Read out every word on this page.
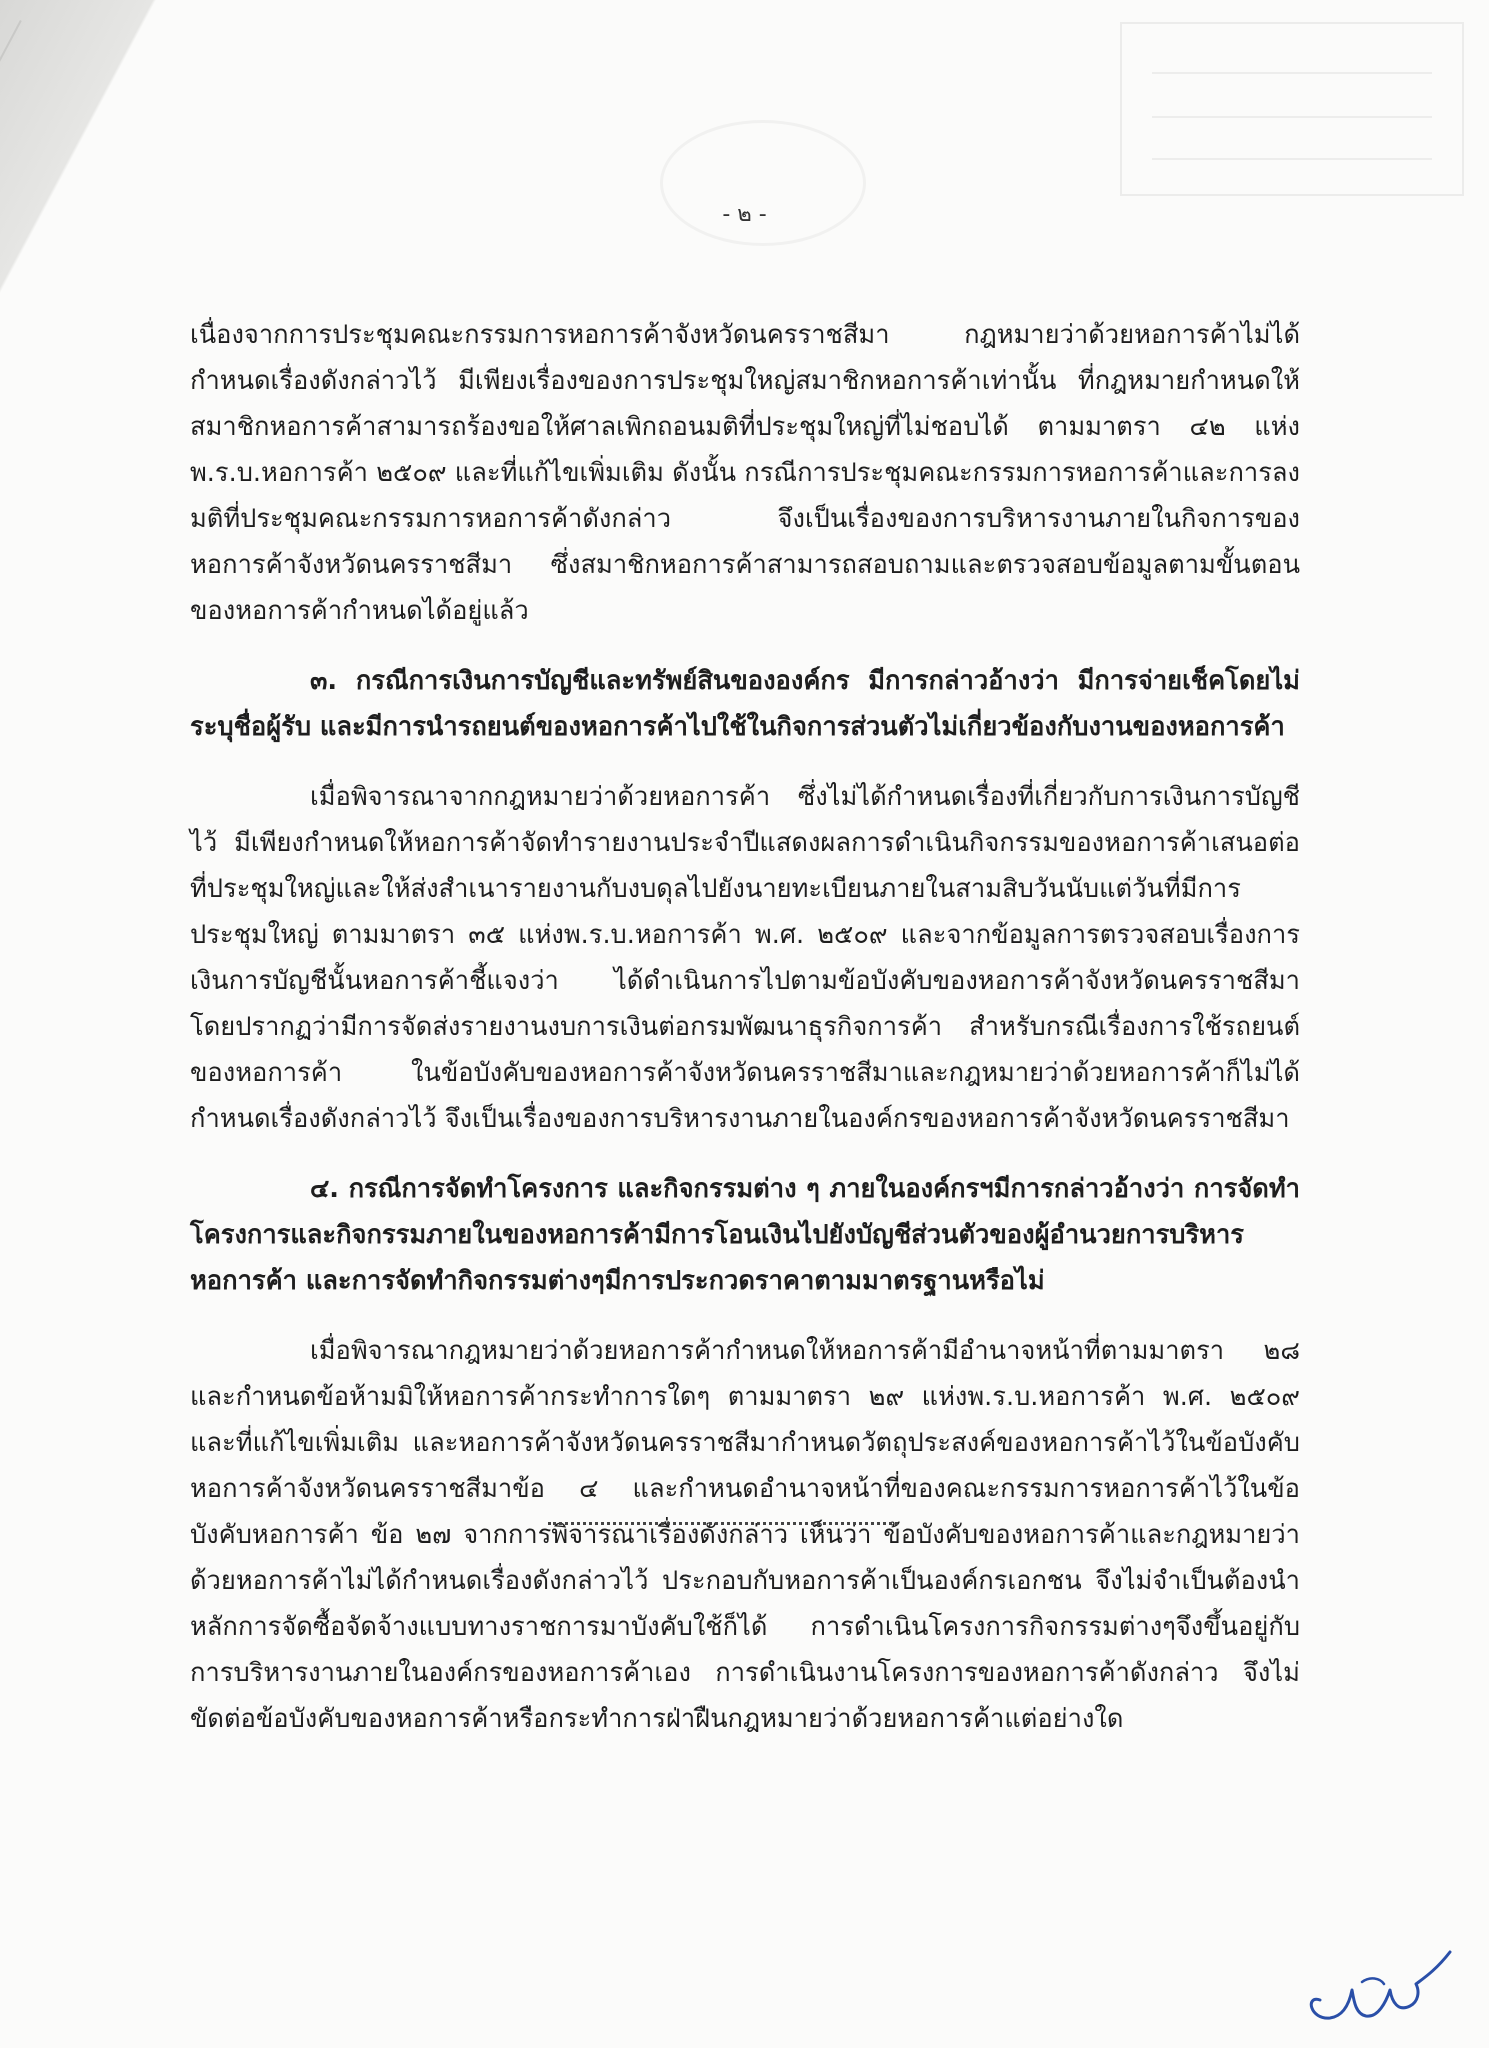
- ๒ -

เนื่องจากการประชุมคณะกรรมการหอการค้าจังหวัดนครราชสีมา กฎหมายว่าด้วยหอการค้าไม่ได้กำหนดเรื่องดังกล่าวไว้ มีเพียงเรื่องของการประชุมใหญ่สมาชิกหอการค้าเท่านั้น ที่กฎหมายกำหนดให้สมาชิกหอการค้าสามารถร้องขอให้ศาลเพิกถอนมติที่ประชุมใหญ่ที่ไม่ชอบได้ ตามมาตรา ๔๒ แห่งพ.ร.บ.หอการค้า ๒๕๐๙ และที่แก้ไขเพิ่มเติม ดังนั้น กรณีการประชุมคณะกรรมการหอการค้าและการลงมติที่ประชุมคณะกรรมการหอการค้าดังกล่าว จึงเป็นเรื่องของการบริหารงานภายในกิจการของหอการค้าจังหวัดนครราชสีมา ซึ่งสมาชิกหอการค้าสามารถสอบถามและตรวจสอบข้อมูลตามขั้นตอนของหอการค้ากำหนดได้อยู่แล้ว

๓. กรณีการเงินการบัญชีและทรัพย์สินขององค์กร มีการกล่าวอ้างว่า มีการจ่ายเช็คโดยไม่ระบุชื่อผู้รับ และมีการนำรถยนต์ของหอการค้าไปใช้ในกิจการส่วนตัวไม่เกี่ยวข้องกับงานของหอการค้า

เมื่อพิจารณาจากกฎหมายว่าด้วยหอการค้า ซึ่งไม่ได้กำหนดเรื่องที่เกี่ยวกับการเงินการบัญชีไว้ มีเพียงกำหนดให้หอการค้าจัดทำรายงานประจำปีแสดงผลการดำเนินกิจกรรมของหอการค้าเสนอต่อที่ประชุมใหญ่และให้ส่งสำเนารายงานกับงบดุลไปยังนายทะเบียนภายในสามสิบวันนับแต่วันที่มีการประชุมใหญ่ ตามมาตรา ๓๕ แห่งพ.ร.บ.หอการค้า พ.ศ. ๒๕๐๙ และจากข้อมูลการตรวจสอบเรื่องการเงินการบัญชีนั้นหอการค้าชี้แจงว่า ได้ดำเนินการไปตามข้อบังคับของหอการค้าจังหวัดนครราชสีมา โดยปรากฏว่ามีการจัดส่งรายงานงบการเงินต่อกรมพัฒนาธุรกิจการค้า สำหรับกรณีเรื่องการใช้รถยนต์ของหอการค้า ในข้อบังคับของหอการค้าจังหวัดนครราชสีมาและกฎหมายว่าด้วยหอการค้าก็ไม่ได้กำหนดเรื่องดังกล่าวไว้ จึงเป็นเรื่องของการบริหารงานภายในองค์กรของหอการค้าจังหวัดนครราชสีมา

๔. กรณีการจัดทำโครงการ และกิจกรรมต่าง ๆ ภายในองค์กรฯมีการกล่าวอ้างว่า การจัดทำโครงการและกิจกรรมภายในของหอการค้ามีการโอนเงินไปยังบัญชีส่วนตัวของผู้อำนวยการบริหารหอการค้า และการจัดทำกิจกรรมต่างๆมีการประกวดราคาตามมาตรฐานหรือไม่

เมื่อพิจารณากฎหมายว่าด้วยหอการค้ากำหนดให้หอการค้ามีอำนาจหน้าที่ตามมาตรา ๒๘ และกำหนดข้อห้ามมิให้หอการค้ากระทำการใดๆ ตามมาตรา ๒๙ แห่งพ.ร.บ.หอการค้า พ.ศ. ๒๕๐๙ และที่แก้ไขเพิ่มเติม และหอการค้าจังหวัดนครราชสีมากำหนดวัตถุประสงค์ของหอการค้าไว้ในข้อบังคับหอการค้าจังหวัดนครราชสีมาข้อ ๔ และกำหนดอำนาจหน้าที่ของคณะกรรมการหอการค้าไว้ในข้อบังคับหอการค้า ข้อ ๒๗ จากการพิจารณาเรื่องดังกล่าว เห็นว่า ข้อบังคับของหอการค้าและกฎหมายว่าด้วยหอการค้าไม่ได้กำหนดเรื่องดังกล่าวไว้ ประกอบกับหอการค้าเป็นองค์กรเอกชน จึงไม่จำเป็นต้องนำหลักการจัดซื้อจัดจ้างแบบทางราชการมาบังคับใช้ก็ได้ การดำเนินโครงการกิจกรรมต่างๆจึงขึ้นอยู่กับการบริหารงานภายในองค์กรของหอการค้าเอง การดำเนินงานโครงการของหอการค้าดังกล่าว จึงไม่ขัดต่อข้อบังคับของหอการค้าหรือกระทำการฝ่าฝืนกฎหมายว่าด้วยหอการค้าแต่อย่างใด
